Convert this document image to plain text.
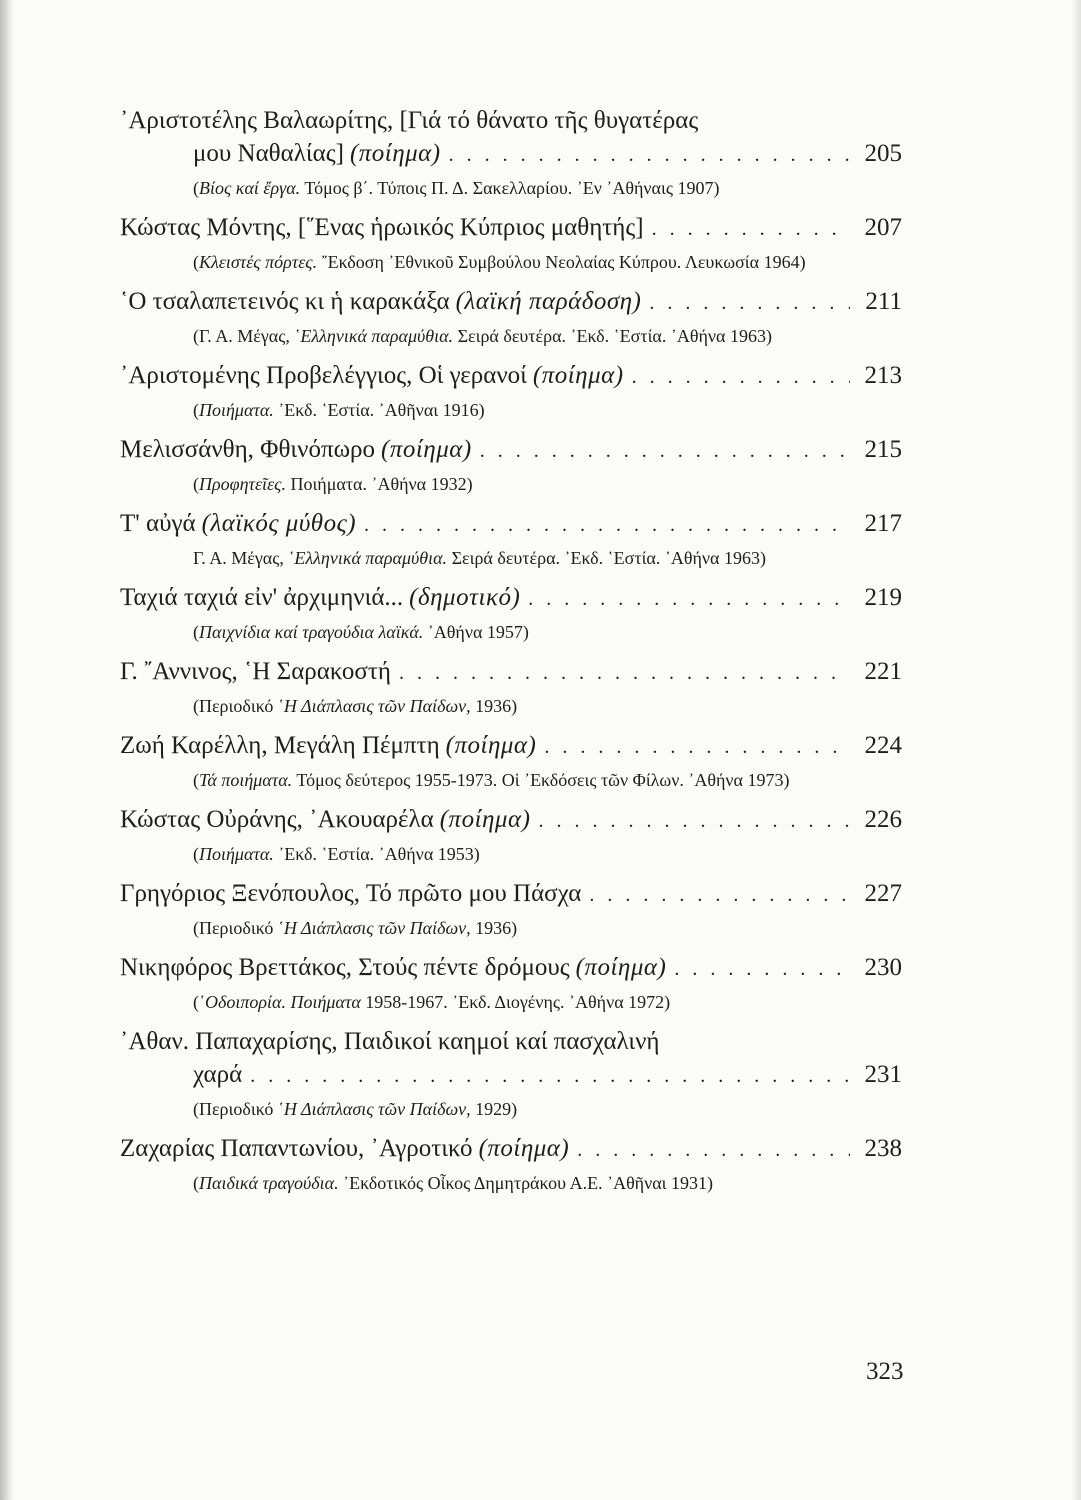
᾿Αριστοτέλης Βαλαωρίτης, [Γιά τό θάνατο τῆς θυγατέρας
μου Ναθαλίας] (ποίημα) . . .	205
(Βίος καί ἔργα. Τόμος β΄. Τύποις Π. Δ. Σακελλαρίου. ᾿Εν ᾿Αθήναις 1907)
Κώστας Μόντης, [῞Ενας ἡρωικός Κύπριος μαθητής] . . .	207
(Κλειστές πόρτες. ῎Εκδοση ᾿Εθνικοῦ Συμβούλου Νεολαίας Κύπρου. Λευκωσία 1964)
῾Ο τσαλαπετεινός κι ἡ καρακάξα (λαϊκή παράδοση) . . .	211
(Γ. Α. Μέγας, ῾Ελληνικά παραμύθια. Σειρά δευτέρα. ᾿Εκδ. ῾Εστία. ᾿Αθήνα 1963)
᾿Αριστομένης Προβελέγγιος, Οἱ γερανοί (ποίημα) . . .	213
(Ποιήματα. ᾿Εκδ. ῾Εστία. ᾿Αθῆναι 1916)
Μελισσάνθη, Φθινόπωρο (ποίημα) . . .	215
(Προφητεῖες. Ποιήματα. ᾿Αθήνα 1932)
Τ' αὐγά (λαϊκός μύθος) . . .	217
Γ. Α. Μέγας, ῾Ελληνικά παραμύθια. Σειρά δευτέρα. ᾿Εκδ. ῾Εστία. ᾿Αθήνα 1963)
Ταχιά ταχιά εἰν' ἀρχιμηνιά... (δημοτικό) . . .	219
(Παιχνίδια καί τραγούδια λαϊκά. ᾿Αθήνα 1957)
Γ. ῎Αννινος, ῾Η Σαρακοστή . . .	221
(Περιοδικό ῾Η Διάπλασις τῶν Παίδων, 1936)
Ζωή Καρέλλη, Μεγάλη Πέμπτη (ποίημα) . . .	224
(Τά ποιήματα. Τόμος δεύτερος 1955-1973. Οἱ ᾿Εκδόσεις τῶν Φίλων. ᾿Αθήνα 1973)
Κώστας Οὐράνης, ᾿Ακουαρέλα (ποίημα) . . .	226
(Ποιήματα. ᾿Εκδ. ῾Εστία. ᾿Αθήνα 1953)
Γρηγόριος Ξενόπουλος, Τό πρῶτο μου Πάσχα . . .	227
(Περιοδικό ῾Η Διάπλασις τῶν Παίδων, 1936)
Νικηφόρος Βρεττάκος, Στούς πέντε δρόμους (ποίημα) . . .	230
(῾Οδοιπορία. Ποιήματα 1958-1967. ᾿Εκδ. Διογένης. ᾿Αθήνα 1972)
᾿Αθαν. Παπαχαρίσης, Παιδικοί καημοί καί πασχαλινή
χαρά . . .	231
(Περιοδικό ῾Η Διάπλασις τῶν Παίδων, 1929)
Ζαχαρίας Παπαντωνίου, ᾿Αγροτικό (ποίημα) . . .	238
(Παιδικά τραγούδια. ᾿Εκδοτικός Οἶκος Δημητράκου Α.Ε. ᾿Αθῆναι 1931)
323
